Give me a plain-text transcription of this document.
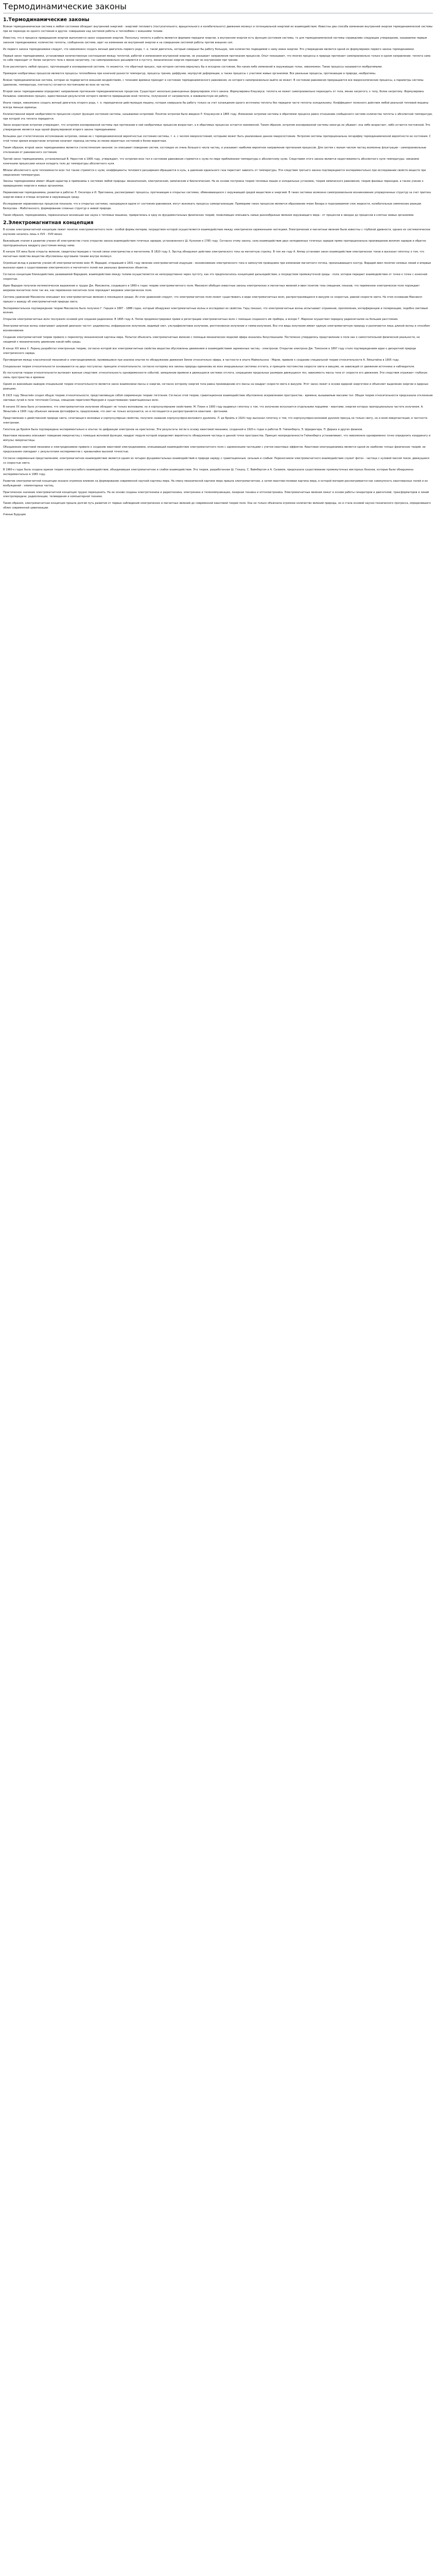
Термодинамические законы
1.Термодинамические законы

Всякая термодинамическая система в любом состоянии обладает внутренней энергией - энергией теплового (поступательного, вращательного и колебательного) движения молекул и потенциальной энергией их взаимодействия. Известны два способа изменения внутренней энергии термодинамической системы при ее переходе из одного состояния в другое: совершение над системой работы и теплообмен с внешними телами.

Известно, что в процессе превращения энергии выполняется закон сохранения энергии. Поскольку теплота и работа являются формами передачи энергии, а внутренняя энергия есть функция состояния системы, то для термодинамической системы справедливо следующее утверждение, называемое первым законом термодинамики: количество теплоты, сообщенное системе, идет на изменение ее внутренней энергии и на совершение системой работы против внешних сил.

Из первого закона термодинамики следует, что невозможно создать вечный двигатель первого рода, т. е. такой двигатель, который совершал бы работу большую, чем количество подводимой к нему извне энергии. Это утверждение является одной из формулировок первого закона термодинамики.

Первый закон термодинамики, устанавливая количественные соотношения между теплотой, работой и изменением внутренней энергии, не указывает направления протекания процессов. Опыт показывает, что многие процессы в природе протекают самопроизвольно только в одном направлении: теплота сама по себе переходит от более нагретого тела к менее нагретому, газ самопроизвольно расширяется в пустоту, механическая энергия переходит во внутреннюю при трении.

Если рассмотреть любой процесс, протекающий в изолированной системе, то окажется, что обратный процесс, при котором система вернулась бы в исходное состояние, без каких-либо изменений в окружающих телах, невозможен. Такие процессы называются необратимыми.

Примером необратимых процессов являются процессы теплообмена при конечной разности температур, процессы трения, диффузии, неупругой деформации, а также процессы с участием живых организмов. Все реальные процессы, протекающие в природе, необратимы.

Всякая термодинамическая система, которая не подвергается внешним воздействиям, с течением времени приходит в состояние термодинамического равновесия, из которого самопроизвольно выйти не может. В состоянии равновесия прекращаются все макроскопические процессы, а параметры системы (давление, температура, плотность) остаются постоянными во всех ее частях.

Второй закон термодинамики определяет направление протекания термодинамических процессов. Существует несколько равноценных формулировок этого закона. Формулировка Клаузиуса: теплота не может самопроизвольно переходить от тела, менее нагретого, к телу, более нагретому. Формулировка Кельвина: невозможен процесс, единственным результатом которого является превращение всей теплоты, полученной от нагревателя, в эквивалентную ей работу.

Иначе говоря, невозможно создать вечный двигатель второго рода, т. е. периодически действующую машину, которая совершала бы работу только за счет охлаждения одного источника теплоты без передачи части теплоты холодильнику. Коэффициент полезного действия любой реальной тепловой машины всегда меньше единицы.

Количественной мерой необратимости процессов служит функция состояния системы, называемая энтропией. Понятие энтропии было введено Р. Клаузиусом в 1865 году. Изменение энтропии системы в обратимом процессе равно отношению сообщенного системе количества теплоты к абсолютной температуре, при которой эта теплота передается.

Закон возрастания энтропии утверждает, что энтропия изолированной системы при протекании в ней необратимых процессов возрастает, а в обратимых процессах остается неизменной. Таким образом, энтропия изолированной системы никогда не убывает: она либо возрастает, либо остается постоянной. Это утверждение является еще одной формулировкой второго закона термодинамики.

Больцман дал статистическое истолкование энтропии, связав ее с термодинамической вероятностью состояния системы, т. е. с числом микросостояний, которыми может быть реализовано данное макросостояние. Энтропия системы пропорциональна логарифму термодинамической вероятности ее состояния. С этой точки зрения возрастание энтропии означает переход системы из менее вероятных состояний в более вероятные.

Таким образом, второй закон термодинамики является статистическим законом: он описывает поведение систем, состоящих из очень большого числа частиц, и указывает наиболее вероятное направление протекания процессов. Для систем с малым числом частиц возможны флуктуации - самопроизвольные отклонения от равновесного состояния.

Третий закон термодинамики, установленный В. Нернстом в 1906 году, утверждает, что энтропия всех тел в состоянии равновесия стремится к нулю по мере приближения температуры к абсолютному нулю. Следствием этого закона является недостижимость абсолютного нуля температуры: никакими конечными процессами нельзя охладить тело до температуры абсолютного нуля.

Вблизи абсолютного нуля теплоемкости всех тел также стремятся к нулю, коэффициенты теплового расширения обращаются в нуль, а давление идеального газа перестает зависеть от температуры. Эти следствия третьего закона подтверждаются экспериментально при исследовании свойств веществ при сверхнизких температурах.

Законы термодинамики имеют общий характер и применимы к системам любой природы: механическим, электрическим, химическим и биологическим. На их основе построена теория тепловых машин и холодильных установок, теория химического равновесия, теория фазовых переходов, а также учение о превращениях энергии в живых организмах.

Неравновесная термодинамика, развитая в работах Л. Онсагера и И. Пригожина, рассматривает процессы, протекающие в открытых системах, обменивающихся с окружающей средой веществом и энергией. В таких системах возможно самопроизвольное возникновение упорядоченных структур за счет притока энергии извне и отвода энтропии в окружающую среду.

Исследования неравновесных процессов показали, что в открытых системах, находящихся вдали от состояния равновесия, могут возникать процессы самоорганизации. Примерами таких процессов являются образование ячеек Бенара в подогреваемом слое жидкости, колебательные химические реакции Белоусова - Жаботинского, формирование сложных структур в живой природе.

Таким образом, термодинамика, первоначально возникшая как наука о тепловых машинах, превратилась в одну из фундаментальных физических теорий, позволяющих описывать самые разнообразные явления окружающего мира - от процессов в звездах до процессов в клетках живых организмов.

2.Электромагнитная концепция

В основе электромагнитной концепции лежит понятие электромагнитного поля - особой формы материи, посредством которой осуществляется взаимодействие между электрически заряженными частицами. Электрические и магнитные явления были известны с глубокой древности, однако их систематическое изучение началось лишь в XVII - XVIII веках.

Важнейшим этапом в развитии учения об электричестве стало открытие закона взаимодействия точечных зарядов, установленного Ш. Кулоном в 1785 году. Согласно этому закону, сила взаимодействия двух неподвижных точечных зарядов прямо пропорциональна произведению величин зарядов и обратно пропорциональна квадрату расстояния между ними.

В начале XIX века были открыты явления, свидетельствующие о тесной связи электричества и магнетизма. В 1820 году Х. Эрстед обнаружил действие электрического тока на магнитную стрелку. В том же году А. Ампер установил закон взаимодействия электрических токов и высказал гипотезу о том, что магнитные свойства вещества обусловлены круговыми токами внутри молекул.

Огромный вклад в развитие учения об электромагнетизме внес М. Фарадей, открывший в 1831 году явление электромагнитной индукции - возникновение электрического тока в замкнутом проводнике при изменении магнитного потока, пронизывающего контур. Фарадей ввел понятие силовых линий и впервые высказал идею о существовании электрического и магнитного полей как реальных физических объектов.

Согласно концепции близкодействия, развиваемой Фарадеем, взаимодействие между телами осуществляется не непосредственно через пустоту, как это предполагалось концепцией дальнодействия, а посредством промежуточной среды - поля, которое передает взаимодействие от точки к точке с конечной скоростью.

Идеи Фарадея получили математическое выражение в трудах Дж. Максвелла, создавшего в 1860-х годах теорию электромагнитного поля. Максвелл обобщил известные законы электрических и магнитных явлений и ввел понятие тока смещения, показав, что переменное электрическое поле порождает вихревое магнитное поле так же, как переменное магнитное поле порождает вихревое электрическое поле.

Система уравнений Максвелла описывает все электромагнитные явления в покоящихся средах. Из этих уравнений следует, что электромагнитное поле может существовать в виде электромагнитных волн, распространяющихся в вакууме со скоростью, равной скорости света. На этом основании Максвелл пришел к выводу об электромагнитной природе света.

Экспериментальное подтверждение теории Максвелла было получено Г. Герцем в 1887 - 1888 годах, который обнаружил электромагнитные волны и исследовал их свойства. Герц показал, что электромагнитные волны испытывают отражение, преломление, интерференцию и поляризацию, подобно световым волнам.

Открытие электромагнитных волн послужило основой для создания радиосвязи. В 1895 году А. Попов продемонстрировал прием и регистрацию электромагнитных волн с помощью созданного им прибора, а вскоре Г. Маркони осуществил передачу радиосигналов на большие расстояния.

Электромагнитные волны охватывают широкий диапазон частот: радиоволны, инфракрасное излучение, видимый свет, ультрафиолетовое излучение, рентгеновское излучение и гамма-излучение. Все эти виды излучения имеют единую электромагнитную природу и различаются лишь длиной волны и способом возникновения.

Создание электромагнитной теории привело к пересмотру механической картины мира. Попытки объяснить электромагнитные явления с помощью механических моделей эфира оказались безуспешными. Постепенно утвердилось представление о поле как о самостоятельной физической реальности, не сводимой к механическому движению какой-либо среды.

В конце XIX века Х. Лоренц разработал электронную теорию, согласно которой все электромагнитные свойства вещества обусловлены движением и взаимодействием заряженных частиц - электронов. Открытие электрона Дж. Томсоном в 1897 году стало подтверждением идеи о дискретной природе электрического заряда.

Противоречия между классической механикой и электродинамикой, проявившиеся при анализе опытов по обнаружению движения Земли относительно эфира, в частности в опыте Майкельсона - Морли, привели к созданию специальной теории относительности А. Эйнштейна в 1905 году.

Специальная теория относительности основывается на двух постулатах: принципе относительности, согласно которому все законы природы одинаковы во всех инерциальных системах отсчета, и принципе постоянства скорости света в вакууме, не зависящей от движения источника и наблюдателя.

Из постулатов теории относительности вытекают важные следствия: относительность одновременности событий, замедление времени в движущихся системах отсчета, сокращение продольных размеров движущихся тел, зависимость массы тела от скорости его движения. Эти следствия отражают глубокую связь пространства и времени.

Одним из важнейших выводов специальной теории относительности является закон взаимосвязи массы и энергии, согласно которому энергия тела равна произведению его массы на квадрат скорости света в вакууме. Этот закон лежит в основе ядерной энергетики и объясняет выделение энергии в ядерных реакциях.

В 1915 году Эйнштейн создал общую теорию относительности, представляющую собой современную теорию тяготения. Согласно этой теории, гравитационное взаимодействие обусловлено искривлением пространства - времени, вызываемым массами тел. Общая теория относительности предсказала отклонение световых лучей в поле тяготения Солнца, смещение перигелия Меркурия и существование гравитационных волн.

В начале XX века было установлено, что электромагнитное излучение обладает не только волновыми, но и корпускулярными свойствами. М. Планк в 1900 году выдвинул гипотезу о том, что излучение испускается отдельными порциями - квантами, энергия которых пропорциональна частоте излучения. А. Эйнштейн в 1905 году объяснил явление фотоэффекта, предположив, что свет не только испускается, но и поглощается и распространяется квантами - фотонами.

Представление о двойственной природе света, сочетающего волновые и корпускулярные свойства, получило название корпускулярно-волнового дуализма. Л. де Бройль в 1924 году высказал гипотезу о том, что корпускулярно-волновой дуализм присущ не только свету, но и всем микрочастицам, в частности электронам.

Гипотеза де Бройля была подтверждена экспериментально в опытах по дифракции электронов на кристаллах. Эти результаты легли в основу квантовой механики, созданной в 1920-х годах в работах В. Гейзенберга, Э. Шредингера, П. Дирака и других физиков.

Квантовая механика описывает поведение микрочастиц с помощью волновой функции, квадрат модуля которой определяет вероятность обнаружения частицы в данной точке пространства. Принцип неопределенности Гейзенберга устанавливает, что невозможно одновременно точно определить координату и импульс микрочастицы.

Объединение квантовой механики и электродинамики привело к созданию квантовой электродинамики, описывающей взаимодействие электромагнитного поля с заряженными частицами с учетом квантовых эффектов. Квантовая электродинамика является одной из наиболее точных физических теорий: ее предсказания совпадают с результатами экспериментов с чрезвычайно высокой точностью.

Согласно современным представлениям, электромагнитное взаимодействие является одним из четырех фундаментальных взаимодействий в природе наряду с гравитационным, сильным и слабым. Переносчиком электромагнитного взаимодействия служит фотон - частица с нулевой массой покоя, движущаяся со скоростью света.

В 1960-х годах была создана единая теория электрослабого взаимодействия, объединившая электромагнитное и слабое взаимодействия. Эта теория, разработанная Ш. Глэшоу, С. Вайнбергом и А. Саламом, предсказала существование промежуточных векторных бозонов, которые были обнаружены экспериментально в 1983 году.

Развитие электромагнитной концепции оказало огромное влияние на формирование современной научной картины мира. На смену механической картине мира пришла электромагнитная, а затем квантово-полевая картина мира, в которой материя рассматривается как совокупность квантованных полей и их возбуждений - элементарных частиц.

Практическое значение электромагнитной концепции трудно переоценить. На ее основе созданы электротехника и радиотехника, электроника и телекоммуникации, лазерная техника и оптоэлектроника. Электромагнитные явления лежат в основе работы генераторов и двигателей, трансформаторов и линий электропередачи, радиолокации, телевидения и компьютерной техники.

Таким образом, электромагнитная концепция прошла долгий путь развития от первых наблюдений электрических и магнитных явлений до современной квантовой теории поля. Она не только объяснила огромное количество явлений природы, но и стала основой научно-технического прогресса, определившего облик современной цивилизации.

Ученые Будущие
